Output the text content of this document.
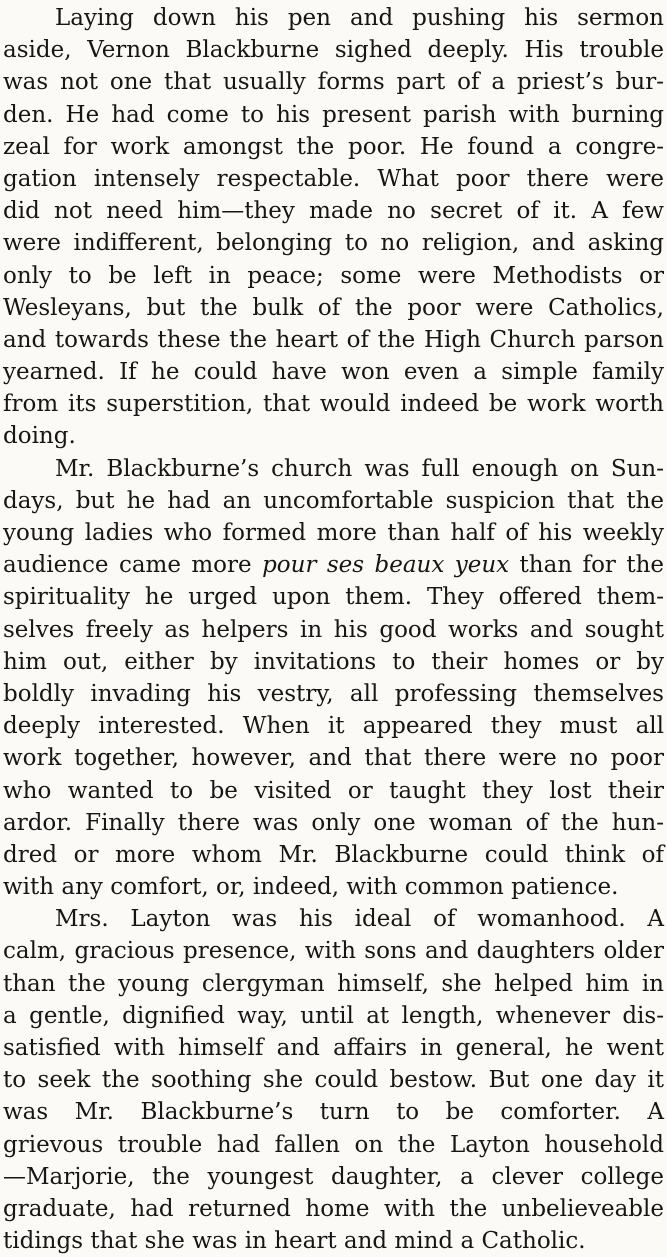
Laying down his pen and pushing his sermon
aside, Vernon Blackburne sighed deeply. His trouble
was not one that usually forms part of a priest’s bur-
den. He had come to his present parish with burning
zeal for work amongst the poor. He found a congre-
gation intensely respectable. What poor there were
did not need him—they made no secret of it. A few
were indifferent, belonging to no religion, and asking
only to be left in peace; some were Methodists or
Wesleyans, but the bulk of the poor were Catholics,
and towards these the heart of the High Church parson
yearned. If he could have won even a simple family
from its superstition, that would indeed be work worth
doing.
Mr. Blackburne’s church was full enough on Sun-
days, but he had an uncomfortable suspicion that the
young ladies who formed more than half of his weekly
audience came more pour ses beaux yeux than for the
spirituality he urged upon them. They offered them-
selves freely as helpers in his good works and sought
him out, either by invitations to their homes or by
boldly invading his vestry, all professing themselves
deeply interested. When it appeared they must all
work together, however, and that there were no poor
who wanted to be visited or taught they lost their
ardor. Finally there was only one woman of the hun-
dred or more whom Mr. Blackburne could think of
with any comfort, or, indeed, with common patience.
Mrs. Layton was his ideal of womanhood. A
calm, gracious presence, with sons and daughters older
than the young clergyman himself, she helped him in
a gentle, dignified way, until at length, whenever dis-
satisfied with himself and affairs in general, he went
to seek the soothing she could bestow. But one day it
was Mr. Blackburne’s turn to be comforter. A
grievous trouble had fallen on the Layton household
—Marjorie, the youngest daughter, a clever college
graduate, had returned home with the unbelieveable
tidings that she was in heart and mind a Catholic.
